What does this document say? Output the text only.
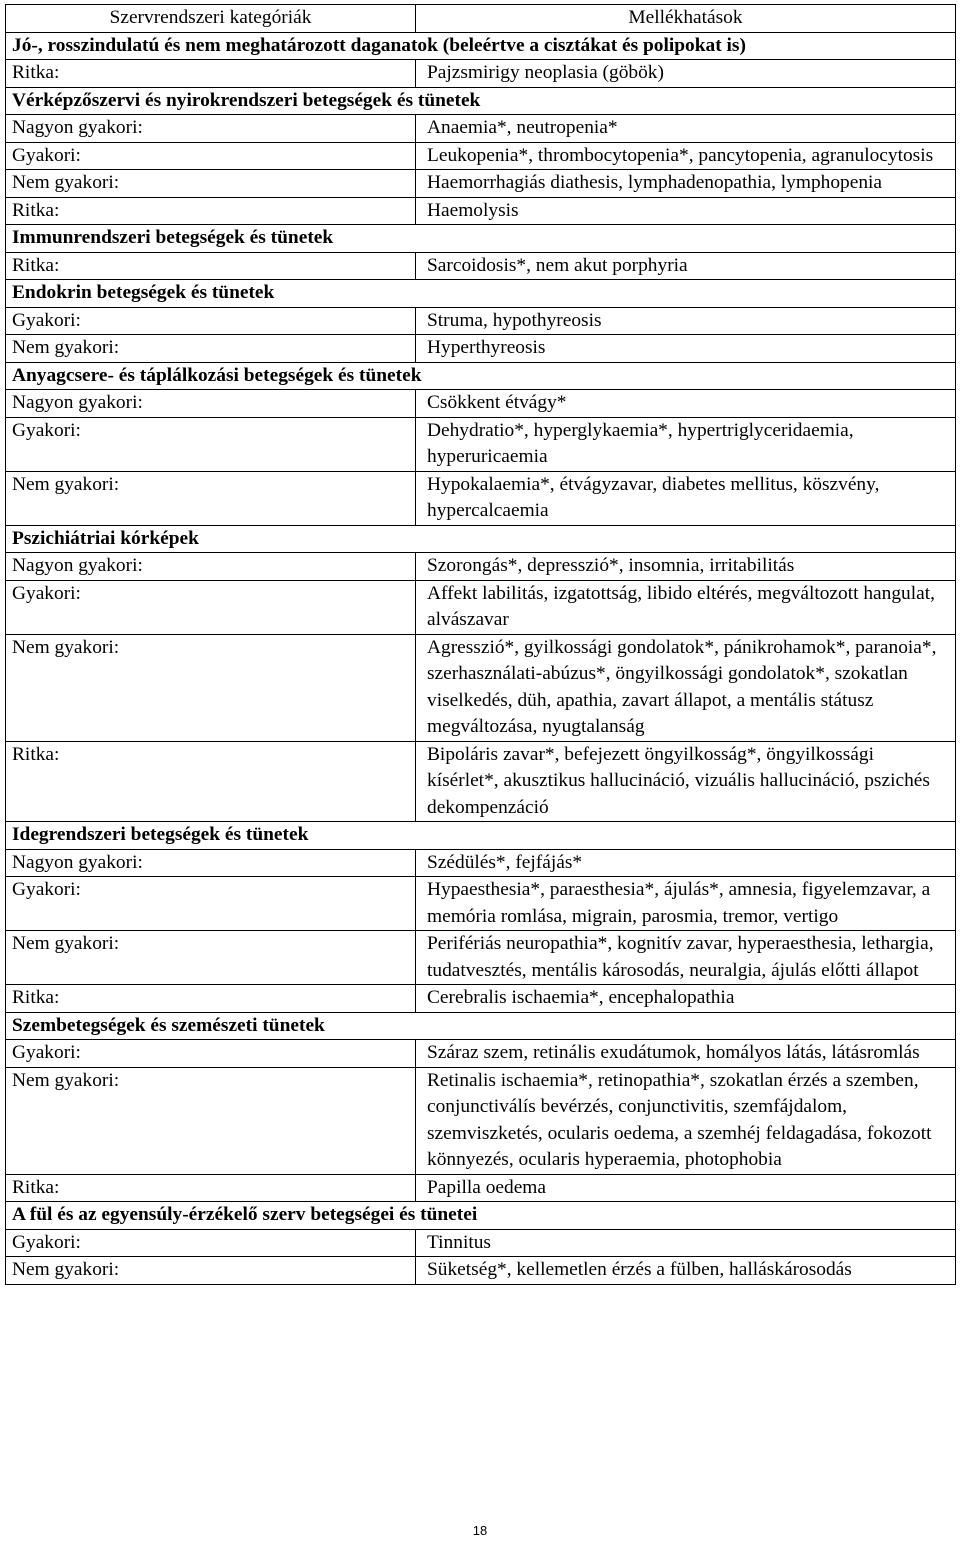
Szervrendszeri kategóriák	Mellékhatások
Jó-, rosszindulatú és nem meghatározott daganatok (beleértve a cisztákat és polipokat is)	
Ritka:	Pajzsmirigy neoplasia (göbök)
Vérképzőszervi és nyirokrendszeri betegségek és tünetek	
Nagyon gyakori:	Anaemia*, neutropenia*
Gyakori:	Leukopenia*, thrombocytopenia*, pancytopenia, agranulocytosis
Nem gyakori:	Haemorrhagiás diathesis, lymphadenopathia, lymphopenia
Ritka:	Haemolysis
Immunrendszeri betegségek és tünetek	
Ritka:	Sarcoidosis*, nem akut porphyria
Endokrin betegségek és tünetek	
Gyakori:	Struma, hypothyreosis
Nem gyakori:	Hyperthyreosis
Anyagcsere- és táplálkozási betegségek és tünetek	
Nagyon gyakori:	Csökkent étvágy*
Gyakori:	Dehydratio*, hyperglykaemia*, hypertriglyceridaemia, hyperuricaemia
Nem gyakori:	Hypokalaemia*, étvágyzavar, diabetes mellitus, köszvény, hypercalcaemia
Pszichiátriai kórképek	
Nagyon gyakori:	Szorongás*, depresszió*, insomnia, irritabilitás
Gyakori:	Affekt labilitás, izgatottság, libido eltérés, megváltozott hangulat, alvászavar
Nem gyakori:	Agresszió*, gyilkossági gondolatok*, pánikrohamok*, paranoia*, szerhasználati-abúzus*, öngyilkossági gondolatok*, szokatlan viselkedés, düh, apathia, zavart állapot, a mentális státusz megváltozása, nyugtalanság
Ritka:	Bipoláris zavar*, befejezett öngyilkosság*, öngyilkossági kísérlet*, akusztikus hallucináció, vizuális hallucináció, pszichés dekompenzáció
Idegrendszeri betegségek és tünetek	
Nagyon gyakori:	Szédülés*, fejfájás*
Gyakori:	Hypaesthesia*, paraesthesia*, ájulás*, amnesia, figyelemzavar, a memória romlása, migrain, parosmia, tremor, vertigo
Nem gyakori:	Perifériás neuropathia*, kognitív zavar, hyperaesthesia, lethargia, tudatvesztés, mentális károsodás, neuralgia, ájulás előtti állapot
Ritka:	Cerebralis ischaemia*, encephalopathia
Szembetegségek és szemészeti tünetek	
Gyakori:	Száraz szem, retinális exudátumok, homályos látás, látásromlás
Nem gyakori:	Retinalis ischaemia*, retinopathia*, szokatlan érzés a szemben, conjunctiválís bevérzés, conjunctivitis, szemfájdalom, szemviszketés, ocularis oedema, a szemhéj feldagadása, fokozott könnyezés, ocularis hyperaemia, photophobia
Ritka:	Papilla oedema
A fül és az egyensúly-érzékelő szerv betegségei és tünetei	
Gyakori:	Tinnitus
Nem gyakori:	Süketség*, kellemetlen érzés a fülben, halláskárosodás
18
